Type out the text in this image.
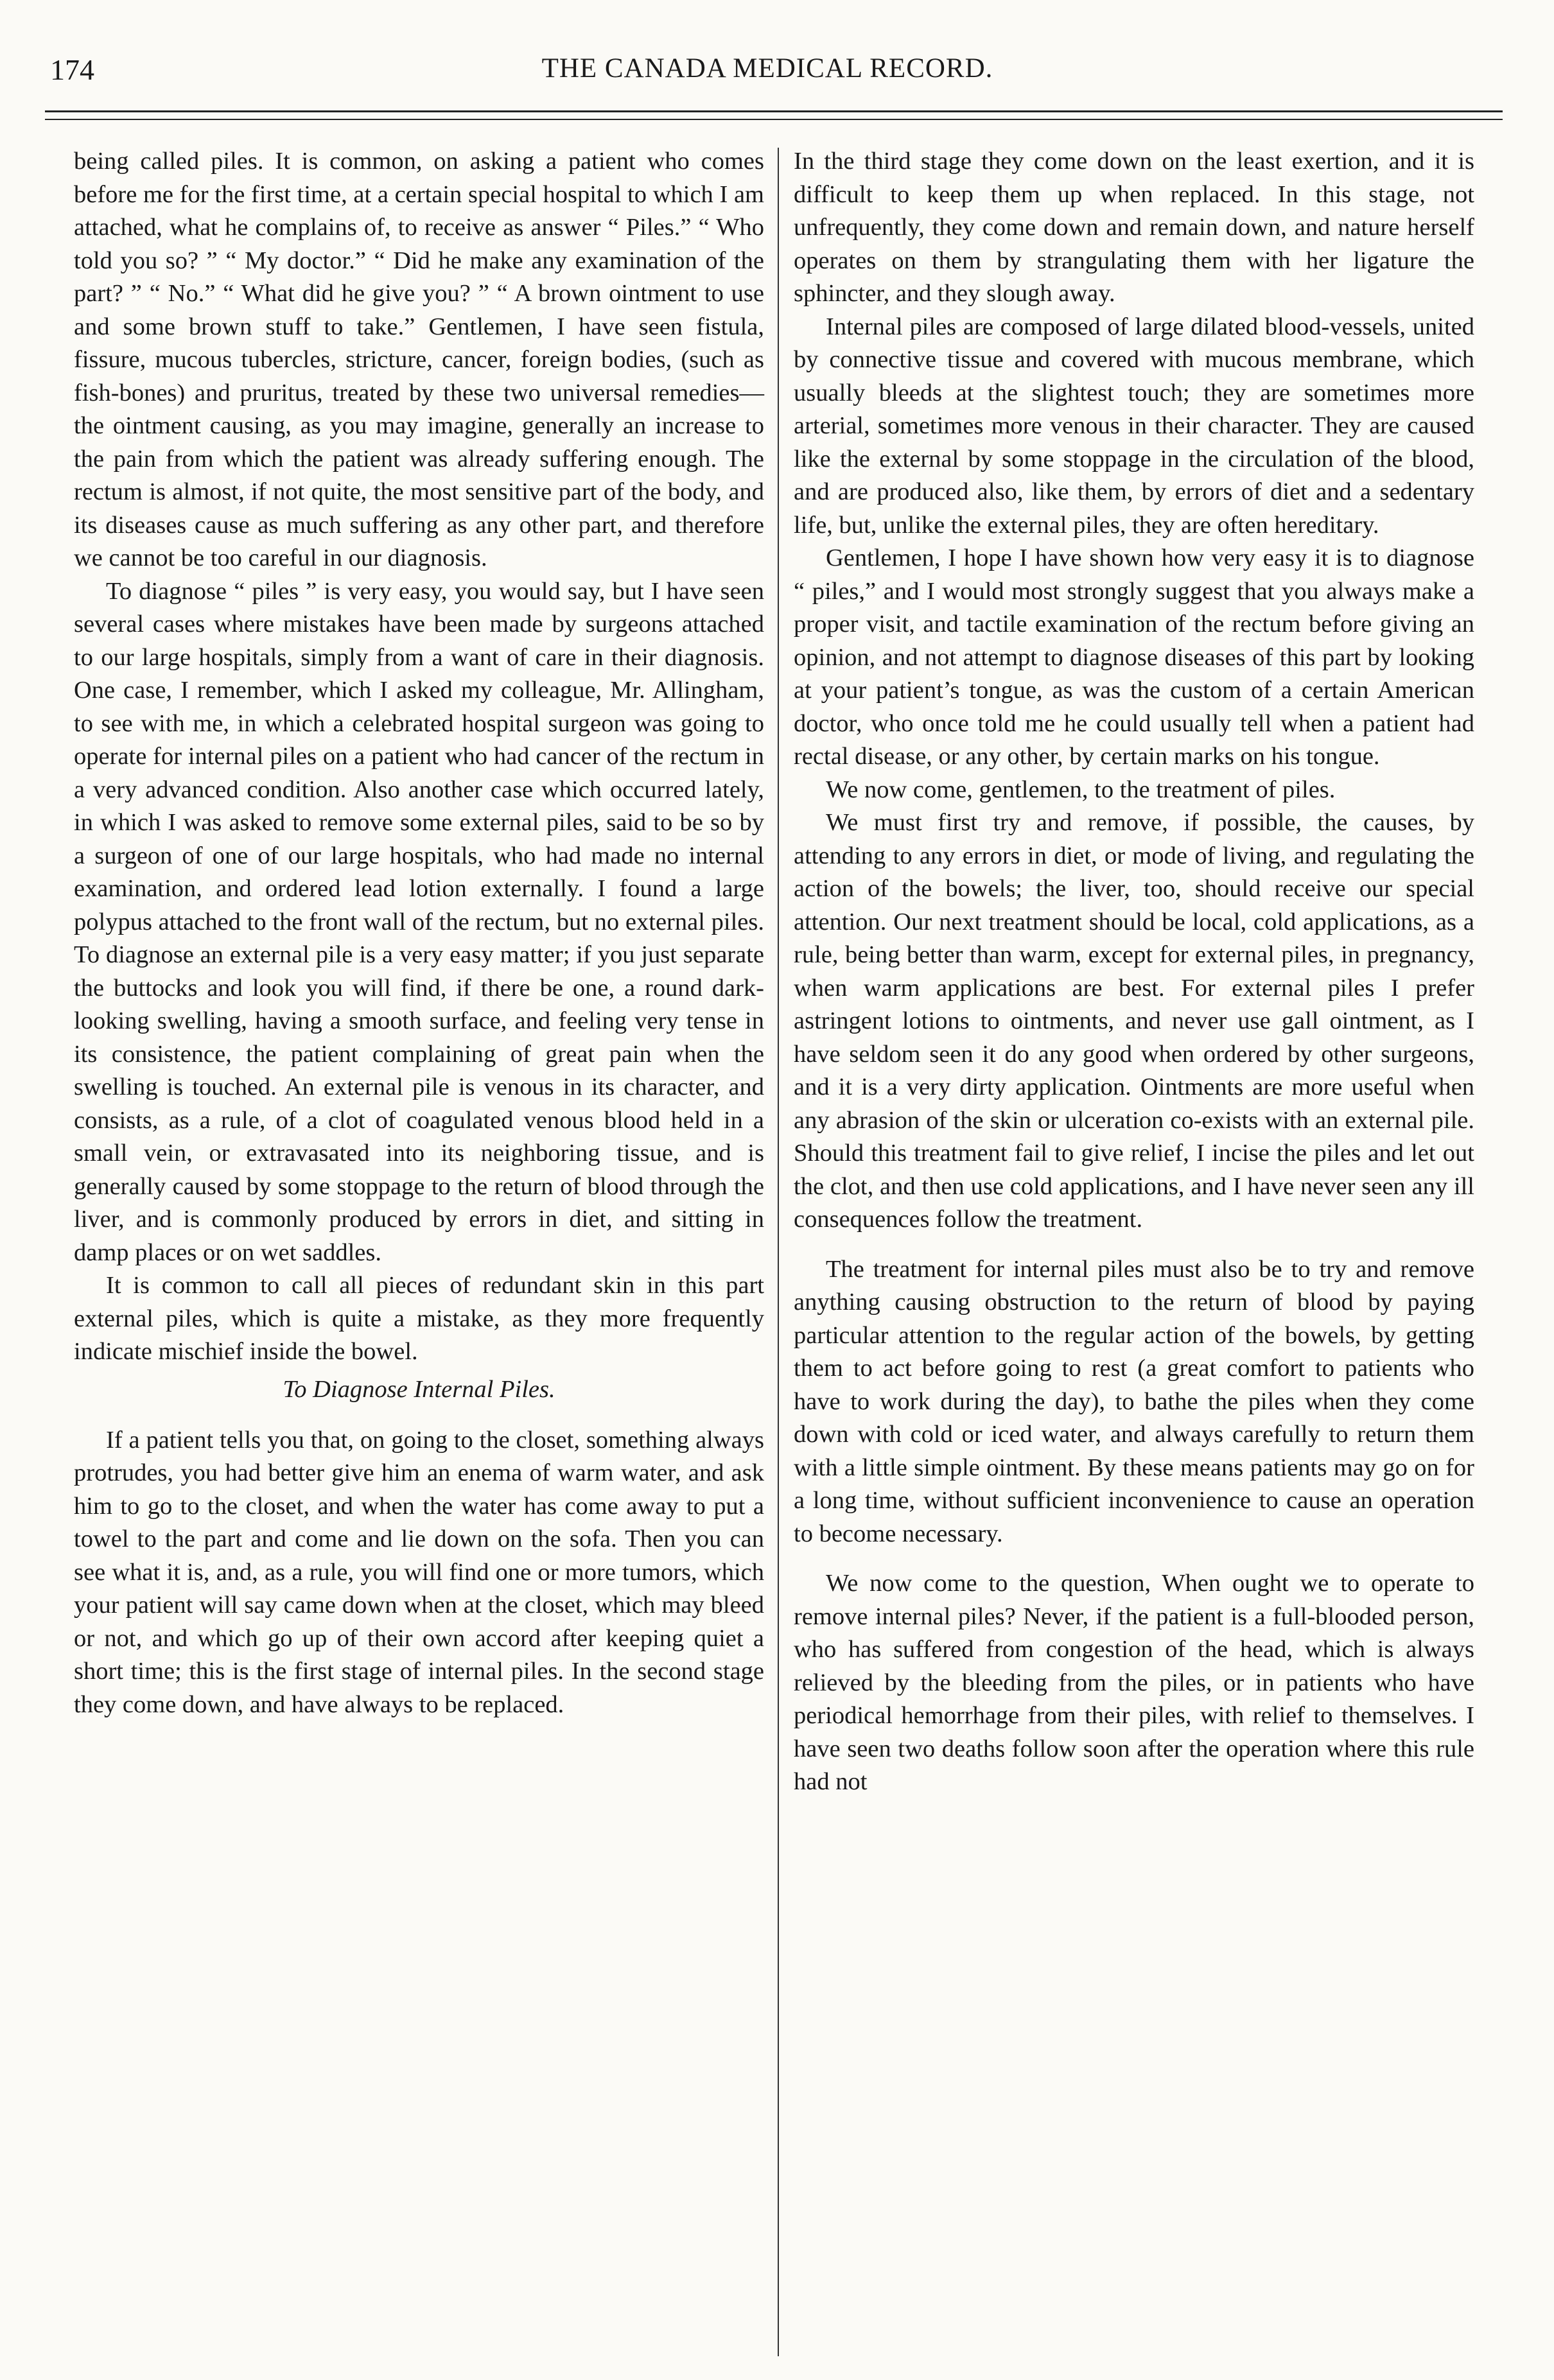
174	THE CANADA MEDICAL RECORD.

being called piles. It is common, on asking a patient who comes before me for the first time, at a certain special hospital to which I am attached, what he complains of, to receive as answer “ Piles.” “ Who told you so? ” “ My doctor.” “ Did he make any examination of the part? ” “ No.” “ What did he give you? ” “ A brown ointment to use and some brown stuff to take.” Gentlemen, I have seen fistula, fissure, mucous tubercles, stricture, cancer, foreign bodies, (such as fish-bones) and pruritus, treated by these two universal remedies—the ointment causing, as you may imagine, generally an increase to the pain from which the patient was already suffering enough. The rectum is almost, if not quite, the most sensitive part of the body, and its diseases cause as much suffering as any other part, and therefore we cannot be too careful in our diagnosis.

To diagnose “ piles ” is very easy, you would say, but I have seen several cases where mistakes have been made by surgeons attached to our large hospitals, simply from a want of care in their diagnosis. One case, I remember, which I asked my colleague, Mr. Allingham, to see with me, in which a celebrated hospital surgeon was going to operate for internal piles on a patient who had cancer of the rectum in a very advanced condition. Also another case which occurred lately, in which I was asked to remove some external piles, said to be so by a surgeon of one of our large hospitals, who had made no internal examination, and ordered lead lotion externally. I found a large polypus attached to the front wall of the rectum, but no external piles. To diagnose an external pile is a very easy matter; if you just separate the buttocks and look you will find, if there be one, a round dark-looking swelling, having a smooth surface, and feeling very tense in its consistence, the patient complaining of great pain when the swelling is touched. An external pile is venous in its character, and consists, as a rule, of a clot of coagulated venous blood held in a small vein, or extravasated into its neighboring tissue, and is generally caused by some stoppage to the return of blood through the liver, and is commonly produced by errors in diet, and sitting in damp places or on wet saddles.

It is common to call all pieces of redundant skin in this part external piles, which is quite a mistake, as they more frequently indicate mischief inside the bowel.

To Diagnose Internal Piles.

If a patient tells you that, on going to the closet, something always protrudes, you had better give him an enema of warm water, and ask him to go to the closet, and when the water has come away to put a towel to the part and come and lie down on the sofa. Then you can see what it is, and, as a rule, you will find one or more tumors, which your patient will say came down when at the closet, which may bleed or not, and which go up of their own accord after keeping quiet a short time; this is the first stage of internal piles. In the second stage they come down, and have always to be replaced.

In the third stage they come down on the least exertion, and it is difficult to keep them up when replaced. In this stage, not unfrequently, they come down and remain down, and nature herself operates on them by strangulating them with her ligature the sphincter, and they slough away.

Internal piles are composed of large dilated blood-vessels, united by connective tissue and covered with mucous membrane, which usually bleeds at the slightest touch; they are sometimes more arterial, sometimes more venous in their character. They are caused like the external by some stoppage in the circulation of the blood, and are produced also, like them, by errors of diet and a sedentary life, but, unlike the external piles, they are often hereditary.

Gentlemen, I hope I have shown how very easy it is to diagnose “ piles,” and I would most strongly suggest that you always make a proper visit, and tactile examination of the rectum before giving an opinion, and not attempt to diagnose diseases of this part by looking at your patient’s tongue, as was the custom of a certain American doctor, who once told me he could usually tell when a patient had rectal disease, or any other, by certain marks on his tongue.

We now come, gentlemen, to the treatment of piles.

We must first try and remove, if possible, the causes, by attending to any errors in diet, or mode of living, and regulating the action of the bowels; the liver, too, should receive our special attention. Our next treatment should be local, cold applications, as a rule, being better than warm, except for external piles, in pregnancy, when warm applications are best. For external piles I prefer astringent lotions to ointments, and never use gall ointment, as I have seldom seen it do any good when ordered by other surgeons, and it is a very dirty application. Ointments are more useful when any abrasion of the skin or ulceration co-exists with an external pile. Should this treatment fail to give relief, I incise the piles and let out the clot, and then use cold applications, and I have never seen any ill consequences follow the treatment.

The treatment for internal piles must also be to try and remove anything causing obstruction to the return of blood by paying particular attention to the regular action of the bowels, by getting them to act before going to rest (a great comfort to patients who have to work during the day), to bathe the piles when they come down with cold or iced water, and always carefully to return them with a little simple ointment. By these means patients may go on for a long time, without sufficient inconvenience to cause an operation to become necessary.

We now come to the question, When ought we to operate to remove internal piles? Never, if the patient is a full-blooded person, who has suffered from congestion of the head, which is always relieved by the bleeding from the piles, or in patients who have periodical hemorrhage from their piles, with relief to themselves. I have seen two deaths follow soon after the operation where this rule had not
